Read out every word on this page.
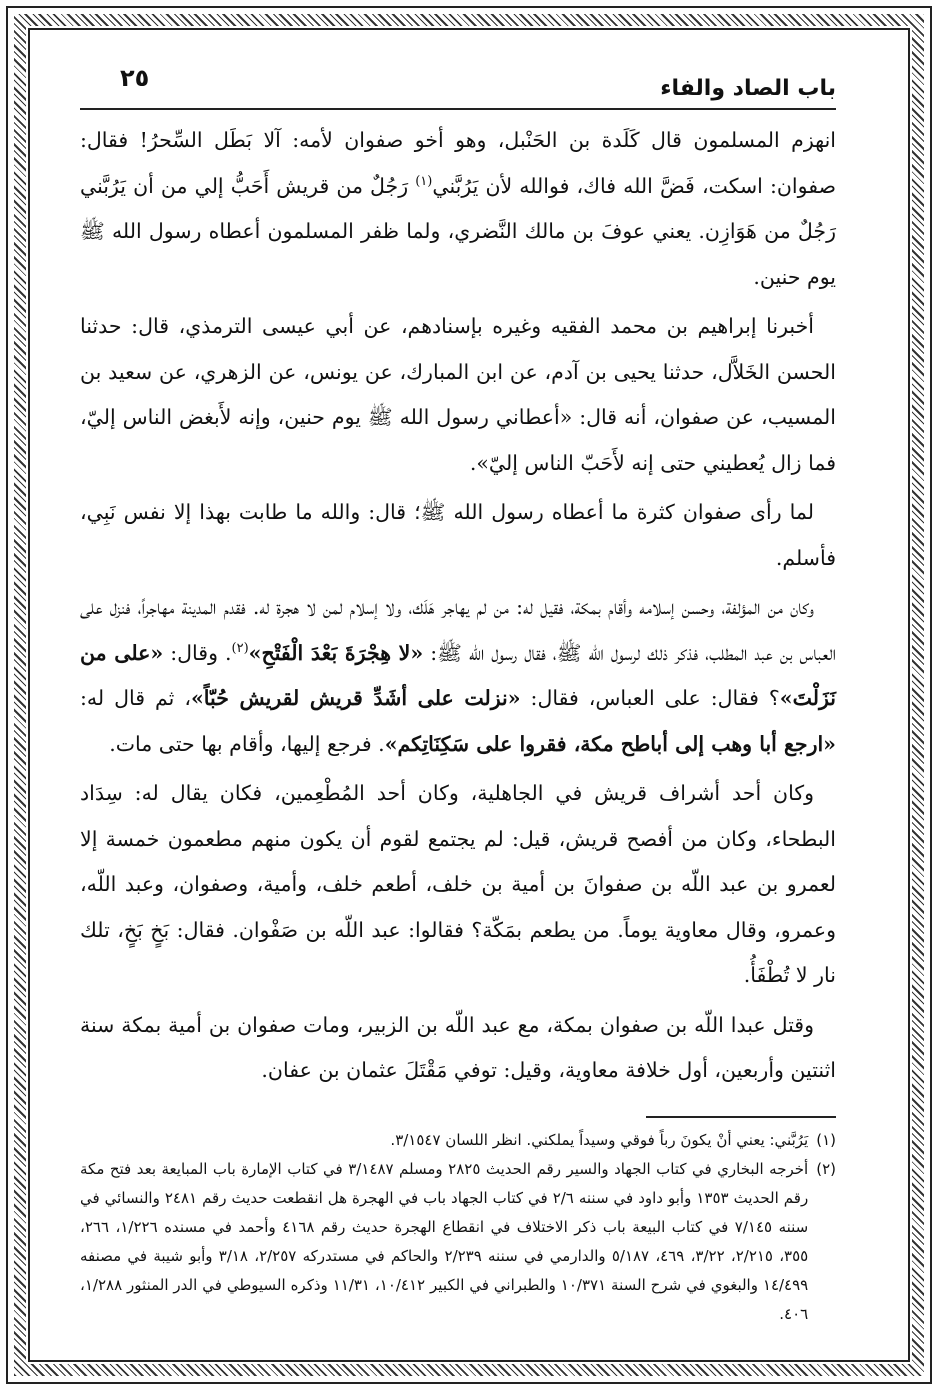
باب الصاد والفاء
٢٥

انهزم المسلمون قال كَلَدة بن الحَنْبل، وهو أخو صفوان لأمه: آلا بَطَل السِّحرُ! فقال: صفوان: اسكت، فَضَّ الله فاك، فوالله لأن يَرُبَّني$^{(١)}$ رَجُلٌ من قريش أَحَبُّ إلي من أن يَرُبَّني رَجُلٌ من هَوَازِن. يعني عوفَ بن مالك النَّضري، ولما ظفر المسلمون أعطاه رسول الله ﷺ يوم حنين.

أخبرنا إبراهيم بن محمد الفقيه وغيره بإسنادهم، عن أبي عيسى الترمذي، قال: حدثنا الحسن الخَلاَّل، حدثنا يحيى بن آدم، عن ابن المبارك، عن يونس، عن الزهري، عن سعيد بن المسيب، عن صفوان، أنه قال: «أعطاني رسول الله ﷺ يوم حنين، وإنه لأَبغض الناس إليّ، فما زال يُعطيني حتى إنه لأَحَبّ الناس إليّ».

لما رأى صفوان كثرة ما أعطاه رسول الله ﷺ؛ قال: والله ما طابت بهذا إلا نفس نَبِي، فأسلم.

وكان من المؤلفة، وحسن إسلامه وأقام بمكة، فقيل له: من لم يهاجر هَلَك، ولا إسلام لمن لا هجرة له. فقدم المدينة مهاجراً، فنزل على العباس بن عبد المطلب، فذكر ذلك لرسول الله ﷺ، فقال رسول الله ﷺ: «لا هِجْرَةَ بَعْدَ الْفَتْحِ»$^{(٢)}$. وقال: «على من نَزَلْتَ»؟ فقال: على العباس، فقال: «نزلت على أشَدِّ قريش لقريش حُبّاً»، ثم قال له: «ارجع أبا وهب إلى أباطح مكة، فقروا على سَكِنَاتِكم». فرجع إليها، وأقام بها حتى مات.

وكان أحد أشراف قريش في الجاهلية، وكان أحد المُطْعِمين، فكان يقال له: سِدَاد البطحاء، وكان من أفصح قريش، قيل: لم يجتمع لقوم أن يكون منهم مطعمون خمسة إلا لعمرو بن عبد اللّه بن صفوانَ بن أمية بن خلف، أطعم خلف، وأمية، وصفوان، وعبد اللّه، وعمرو، وقال معاوية يوماً. من يطعم بمَكّة؟ فقالوا: عبد اللّه بن صَفْوان. فقال: بَخٍ بَخٍ، تلك نار لا تُطْفَأُ.

وقتل عبدا اللّه بن صفوان بمكة، مع عبد اللّه بن الزبير، ومات صفوان بن أمية بمكة سنة اثنتين وأربعين، أول خلافة معاوية، وقيل: توفي مَقْتَلَ عثمان بن عفان.

(١)
يَرُبَّني: يعني أنْ يكونَ رباً فوقي وسيداً يملكني. انظر اللسان ٣/١٥٤٧.

(٢)
أخرجه البخاري في كتاب الجهاد والسير رقم الحديث ٢٨٢٥ ومسلم ٣/١٤٨٧ في كتاب الإمارة باب المبايعة بعد فتح مكة رقم الحديث ١٣٥٣ وأبو داود في سننه ٢/٦ في كتاب الجهاد باب في الهجرة هل انقطعت حديث رقم ٢٤٨١ والنسائي في سننه ٧/١٤٥ في كتاب البيعة باب ذكر الاختلاف في انقطاع الهجرة حديث رقم ٤١٦٨ وأحمد في مسنده ١/٢٢٦، ٢٦٦، ٣٥٥، ٢/٢١٥، ٣/٢٢، ٤٦٩، ٥/١٨٧ والدارمي في سننه ٢/٢٣٩ والحاكم في مستدركه ٢/٢٥٧، ٣/١٨ وأبو شيبة في مصنفه ١٤/٤٩٩ والبغوي في شرح السنة ١٠/٣٧١ والطبراني في الكبير ١٠/٤١٢، ١١/٣١ وذكره السيوطي في الدر المنثور ١/٢٨٨، ٤٠٦.
